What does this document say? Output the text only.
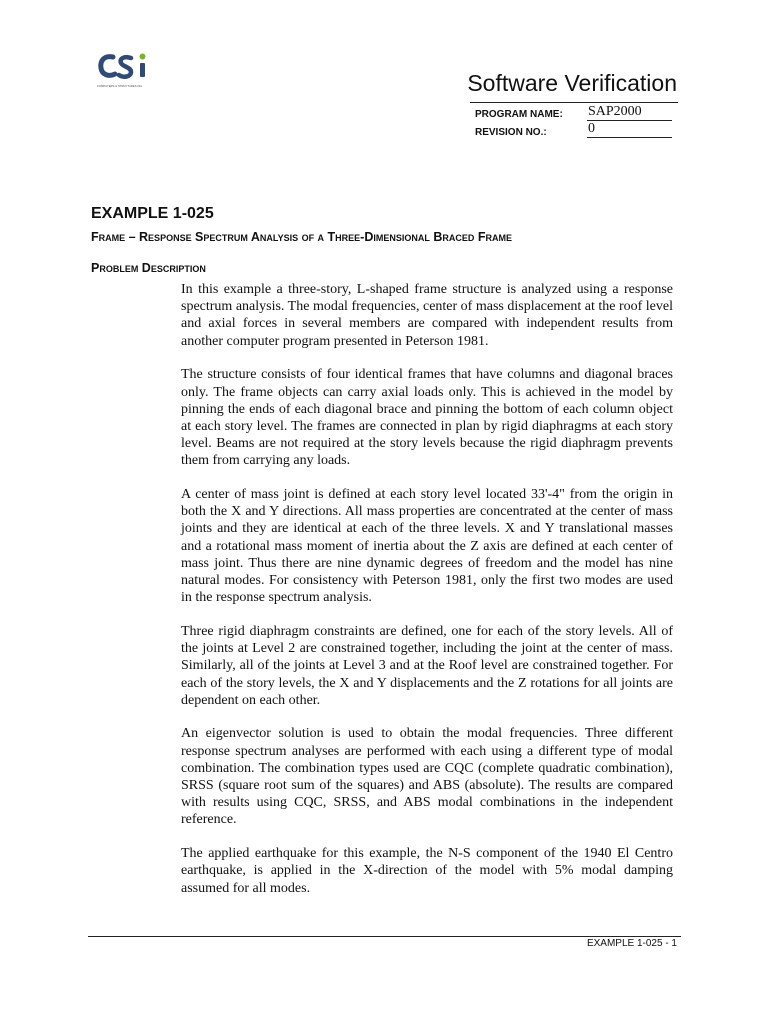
COMPUTERS & STRUCTURES INC.	Software Verification
PROGRAM NAME: SAP2000
REVISION NO.:	0
EXAMPLE 1-025
Frame – Response Spectrum Analysis of a Three-Dimensional Braced Frame
Problem Description

In this example a three-story, L-shaped frame structure is analyzed using a response spectrum analysis. The modal frequencies, center of mass displacement at the roof level and axial forces in several members are compared with independent results from another computer program presented in Peterson 1981.

The structure consists of four identical frames that have columns and diagonal braces only. The frame objects can carry axial loads only. This is achieved in the model by pinning the ends of each diagonal brace and pinning the bottom of each column object at each story level. The frames are connected in plan by rigid diaphragms at each story level. Beams are not required at the story levels because the rigid diaphragm prevents them from carrying any loads.

A center of mass joint is defined at each story level located 33'-4" from the origin in both the X and Y directions. All mass properties are concentrated at the center of mass joints and they are identical at each of the three levels. X and Y translational masses and a rotational mass moment of inertia about the Z axis are defined at each center of mass joint. Thus there are nine dynamic degrees of freedom and the model has nine natural modes. For consistency with Peterson 1981, only the first two modes are used in the response spectrum analysis.

Three rigid diaphragm constraints are defined, one for each of the story levels. All of the joints at Level 2 are constrained together, including the joint at the center of mass. Similarly, all of the joints at Level 3 and at the Roof level are constrained together. For each of the story levels, the X and Y displacements and the Z rotations for all joints are dependent on each other.

An eigenvector solution is used to obtain the modal frequencies. Three different response spectrum analyses are performed with each using a different type of modal combination. The combination types used are CQC (complete quadratic combination), SRSS (square root sum of the squares) and ABS (absolute). The results are compared with results using CQC, SRSS, and ABS modal combinations in the independent reference.

The applied earthquake for this example, the N-S component of the 1940 El Centro earthquake, is applied in the X-direction of the model with 5% modal damping assumed for all modes.

EXAMPLE 1-025 - 1
